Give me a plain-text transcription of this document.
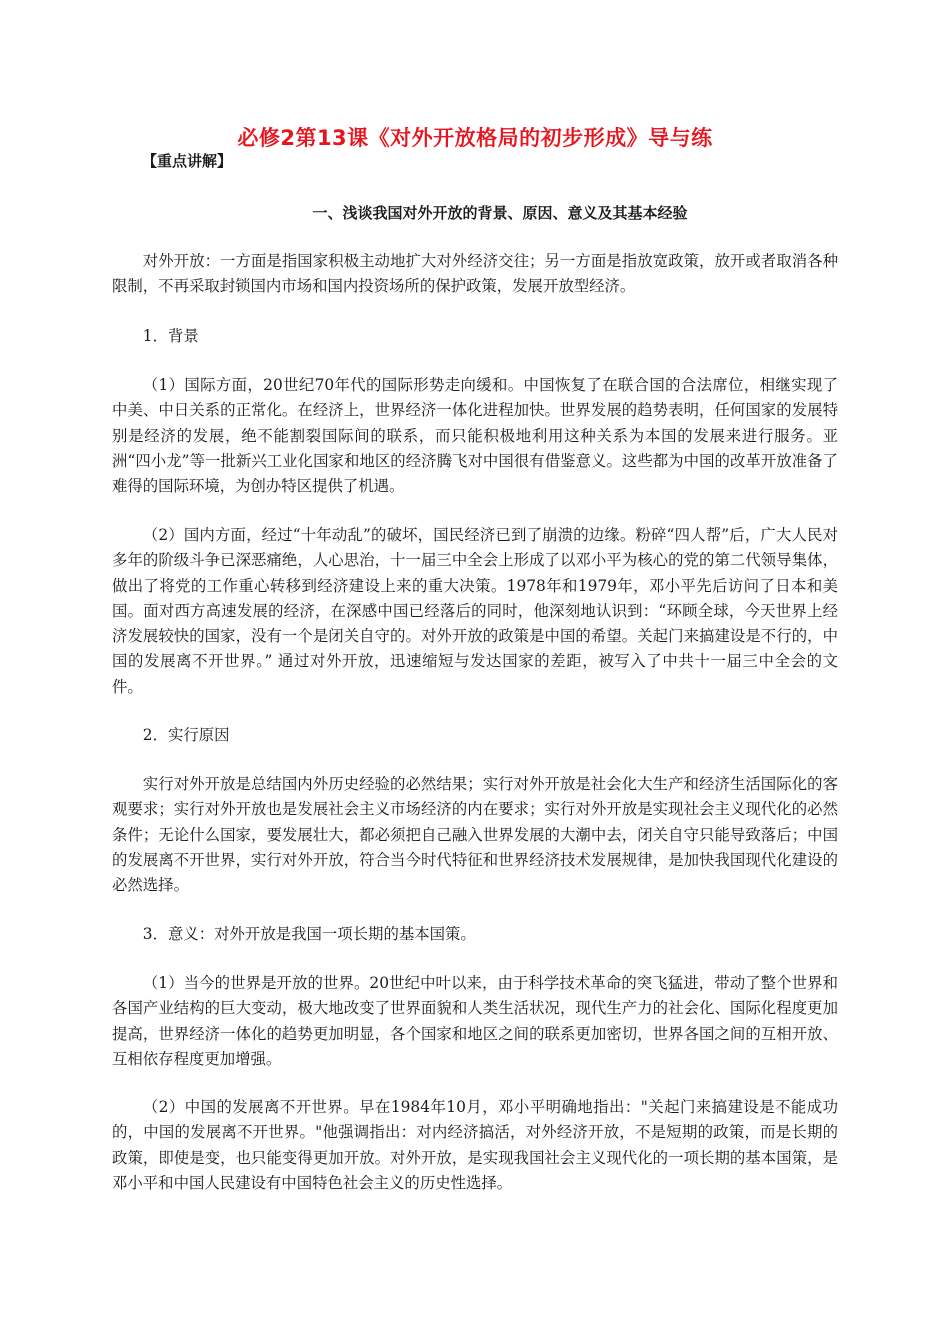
必修2第13课《对外开放格局的初步形成》导与练
【重点讲解】
一、浅谈我国对外开放的背景、原因、意义及其基本经验

对外开放：一方面是指国家积极主动地扩大对外经济交往；另一方面是指放宽政策，放开或者取消各种限制，不再采取封锁国内市场和国内投资场所的保护政策，发展开放型经济。

1．背景

（1）国际方面，20世纪70年代的国际形势走向缓和。中国恢复了在联合国的合法席位，相继实现了中美、中日关系的正常化。在经济上，世界经济一体化进程加快。世界发展的趋势表明，任何国家的发展特别是经济的发展，绝不能割裂国际间的联系，而只能积极地利用这种关系为本国的发展来进行服务。亚洲“四小龙”等一批新兴工业化国家和地区的经济腾飞对中国很有借鉴意义。这些都为中国的改革开放准备了难得的国际环境，为创办特区提供了机遇。

（2）国内方面，经过“十年动乱”的破坏，国民经济已到了崩溃的边缘。粉碎“四人帮”后，广大人民对多年的阶级斗争已深恶痛绝，人心思治，十一届三中全会上形成了以邓小平为核心的党的第二代领导集体，做出了将党的工作重心转移到经济建设上来的重大决策。1978年和1979年，邓小平先后访问了日本和美国。面对西方高速发展的经济，在深感中国已经落后的同时，他深刻地认识到：“环顾全球，今天世界上经济发展较快的国家，没有一个是闭关自守的。对外开放的政策是中国的希望。关起门来搞建设是不行的，中国的发展离不开世界。” 通过对外开放，迅速缩短与发达国家的差距，被写入了中共十一届三中全会的文件。

2．实行原因

实行对外开放是总结国内外历史经验的必然结果；实行对外开放是社会化大生产和经济生活国际化的客观要求；实行对外开放也是发展社会主义市场经济的内在要求；实行对外开放是实现社会主义现代化的必然条件；无论什么国家，要发展壮大，都必须把自己融入世界发展的大潮中去，闭关自守只能导致落后；中国的发展离不开世界，实行对外开放，符合当今时代特征和世界经济技术发展规律，是加快我国现代化建设的必然选择。

3．意义：对外开放是我国一项长期的基本国策。

（1）当今的世界是开放的世界。20世纪中叶以来，由于科学技术革命的突飞猛进，带动了整个世界和各国产业结构的巨大变动，极大地改变了世界面貌和人类生活状况，现代生产力的社会化、国际化程度更加提高，世界经济一体化的趋势更加明显，各个国家和地区之间的联系更加密切，世界各国之间的互相开放、互相依存程度更加增强。

（2）中国的发展离不开世界。早在1984年10月，邓小平明确地指出："关起门来搞建设是不能成功的，中国的发展离不开世界。"他强调指出：对内经济搞活，对外经济开放，不是短期的政策，而是长期的政策，即使是变，也只能变得更加开放。对外开放，是实现我国社会主义现代化的一项长期的基本国策，是邓小平和中国人民建设有中国特色社会主义的历史性选择。
